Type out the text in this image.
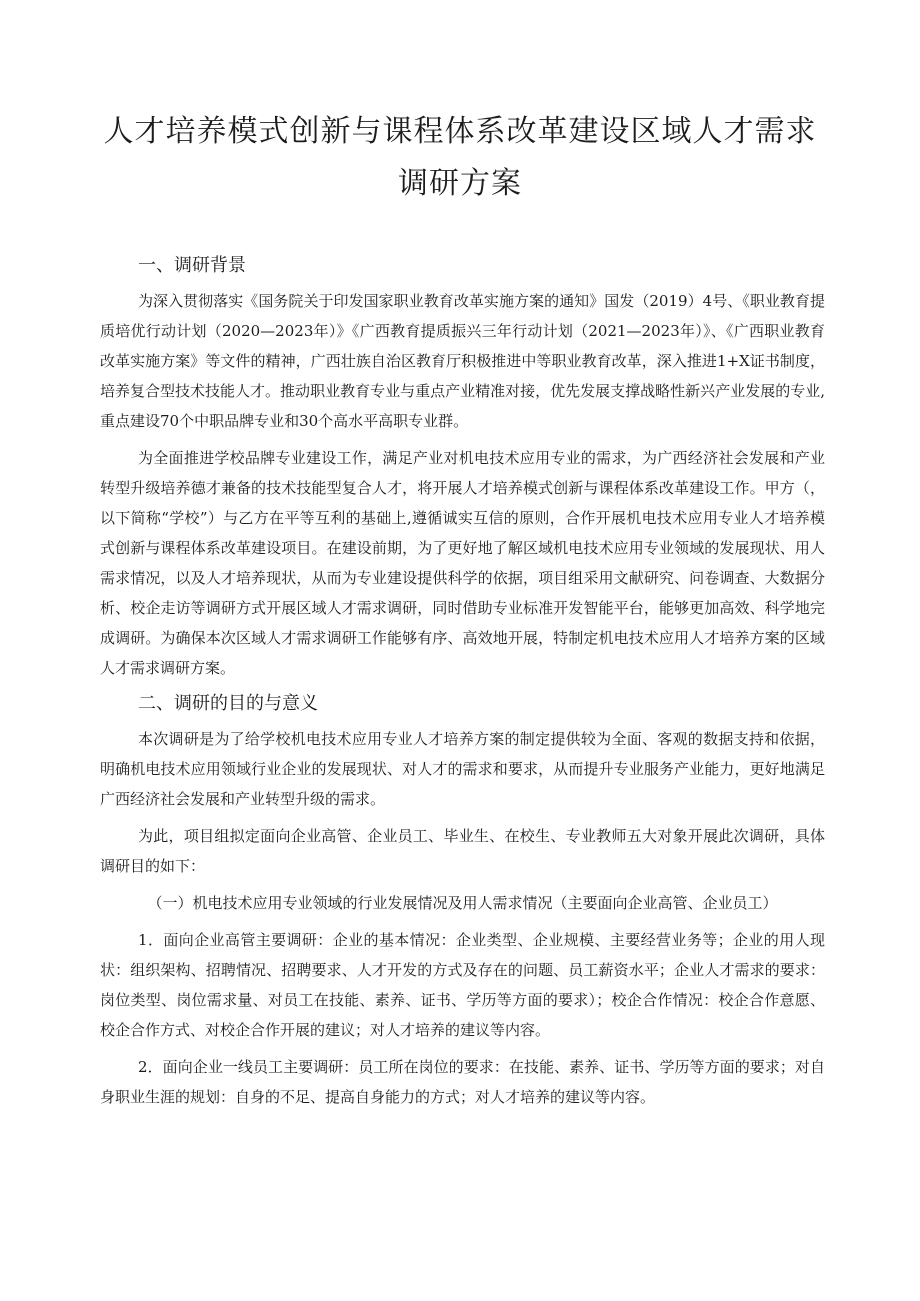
人才培养模式创新与课程体系改革建设区域人才需求
调研方案

一、调研背景

为深入贯彻落实《国务院关于印发国家职业教育改革实施方案的通知》国发（2019）4号、《职业教育提质培优行动计划（2020—2023年）》《广西教育提质振兴三年行动计划（2021—2023年）》、《广西职业教育改革实施方案》等文件的精神，广西壮族自治区教育厅积极推进中等职业教育改革，深入推进1+X证书制度，培养复合型技术技能人才。推动职业教育专业与重点产业精准对接，优先发展支撑战略性新兴产业发展的专业,重点建设70个中职品牌专业和30个高水平高职专业群。

为全面推进学校品牌专业建设工作，满足产业对机电技术应用专业的需求，为广西经济社会发展和产业转型升级培养德才兼备的技术技能型复合人才，将开展人才培养模式创新与课程体系改革建设工作。甲方（，以下简称“学校”）与乙方在平等互利的基础上,遵循诚实互信的原则，合作开展机电技术应用专业人才培养模式创新与课程体系改革建设项目。在建设前期，为了更好地了解区域机电技术应用专业领域的发展现状、用人需求情况，以及人才培养现状，从而为专业建设提供科学的依据，项目组采用文献研究、问卷调查、大数据分析、校企走访等调研方式开展区域人才需求调研，同时借助专业标准开发智能平台，能够更加高效、科学地完成调研。为确保本次区域人才需求调研工作能够有序、高效地开展，特制定机电技术应用人才培养方案的区域人才需求调研方案。

二、调研的目的与意义

本次调研是为了给学校机电技术应用专业人才培养方案的制定提供较为全面、客观的数据支持和依据，明确机电技术应用领域行业企业的发展现状、对人才的需求和要求，从而提升专业服务产业能力，更好地满足广西经济社会发展和产业转型升级的需求。

为此，项目组拟定面向企业高管、企业员工、毕业生、在校生、专业教师五大对象开展此次调研，具体调研目的如下：

（一）机电技术应用专业领域的行业发展情况及用人需求情况（主要面向企业高管、企业员工）

1．面向企业高管主要调研：企业的基本情况：企业类型、企业规模、主要经营业务等；企业的用人现状：组织架构、招聘情况、招聘要求、人才开发的方式及存在的问题、员工薪资水平；企业人才需求的要求：岗位类型、岗位需求量、对员工在技能、素养、证书、学历等方面的要求）；校企合作情况：校企合作意愿、校企合作方式、对校企合作开展的建议；对人才培养的建议等内容。

2．面向企业一线员工主要调研：员工所在岗位的要求：在技能、素养、证书、学历等方面的要求；对自身职业生涯的规划：自身的不足、提高自身能力的方式；对人才培养的建议等内容。
